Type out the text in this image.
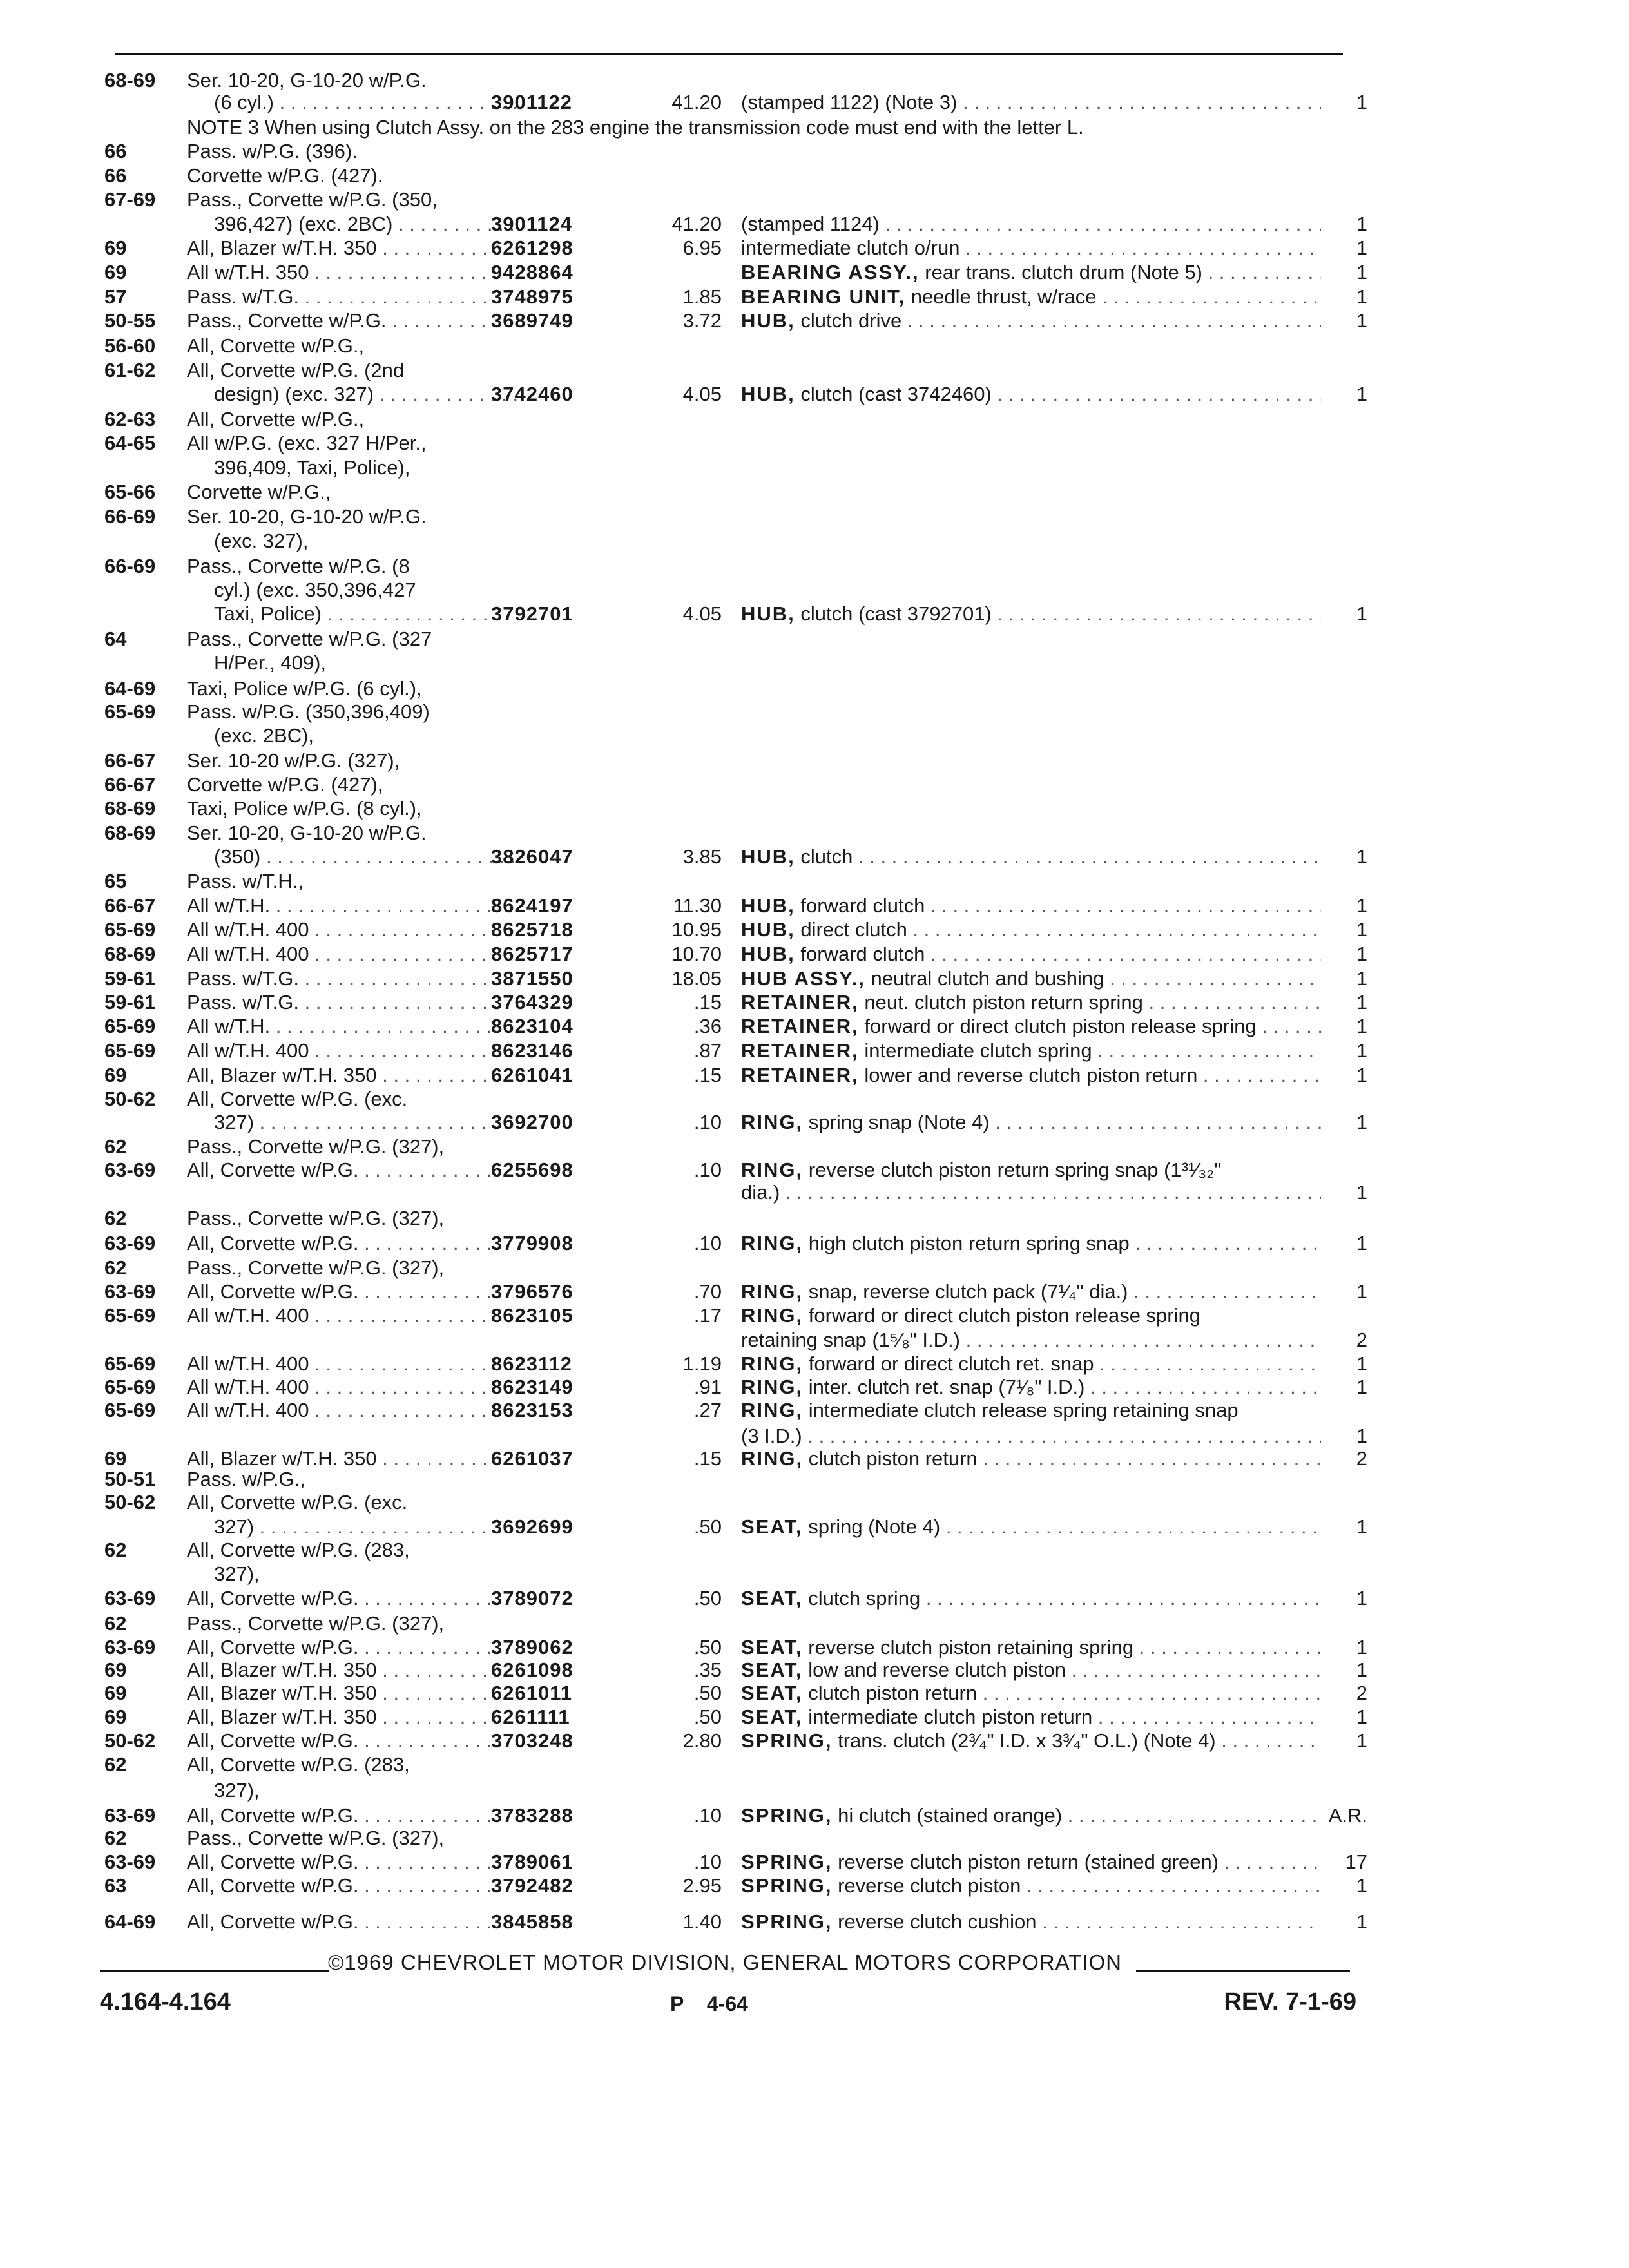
68-69	Ser. 10-20, G-10-20 w/P.G.
(6 cyl.) . . .	3901122	41.20 (stamped 1122) (Note 3) . . .	1
NOTE 3 When using Clutch Assy. on the 283 engine the transmission code must end with the letter L.
66	Pass. w/P.G. (396).
66	Corvette w/P.G. (427).
67-69	Pass., Corvette w/P.G. (350,
396,427) (exc. 2BC) . . .	3901124	41.20 (stamped 1124) . . .	1
69	All, Blazer w/T.H. 350 . . .	6261298	6.95 intermediate clutch o/run . . .	1
69	All w/T.H. 350 . . .	9428864	BEARING ASSY., rear trans. clutch drum (Note 5) . . .	1
57	Pass. w/T.G. . . .	3748975	1.85 BEARING UNIT, needle thrust, w/race . . .	1
50-55	Pass., Corvette w/P.G. . . .	3689749	3.72 HUB, clutch drive . . .	1
56-60	All, Corvette w/P.G.,
61-62	All, Corvette w/P.G. (2nd
design) (exc. 327) . . .	3742460	4.05 HUB, clutch (cast 3742460) . . .	1
62-63	All, Corvette w/P.G.,
64-65	All w/P.G. (exc. 327 H/Per.,
396,409, Taxi, Police),
65-66	Corvette w/P.G.,
66-69	Ser. 10-20, G-10-20 w/P.G.
(exc. 327),
66-69	Pass., Corvette w/P.G. (8
cyl.) (exc. 350,396,427
Taxi, Police) . . .	3792701	4.05 HUB, clutch (cast 3792701) . . .	1
64	Pass., Corvette w/P.G. (327
H/Per., 409),
64-69	Taxi, Police w/P.G. (6 cyl.),
65-69	Pass. w/P.G. (350,396,409)
(exc. 2BC),
66-67	Ser. 10-20 w/P.G. (327),
66-67	Corvette w/P.G. (427),
68-69	Taxi, Police w/P.G. (8 cyl.),
68-69	Ser. 10-20, G-10-20 w/P.G.
(350) . . .	3826047	3.85 HUB, clutch . . .	1
65	Pass. w/T.H.,
66-67	All w/T.H. . . .	8624197	11.30 HUB, forward clutch . . .	1
65-69	All w/T.H. 400 . . .	8625718	10.95 HUB, direct clutch . . .	1
68-69	All w/T.H. 400 . . .	8625717	10.70 HUB, forward clutch . . .	1
59-61	Pass. w/T.G. . . .	3871550	18.05 HUB ASSY., neutral clutch and bushing . . .	1
59-61	Pass. w/T.G. . . .	3764329	.15 RETAINER, neut. clutch piston return spring . . .	1
65-69	All w/T.H. . . .	8623104	.36 RETAINER, forward or direct clutch piston release spring . . .	1
65-69	All w/T.H. 400 . . .	8623146	.87 RETAINER, intermediate clutch spring . . .	1
69	All, Blazer w/T.H. 350 . . .	6261041	.15 RETAINER, lower and reverse clutch piston return . . .	1
50-62	All, Corvette w/P.G. (exc.
327) . . .	3692700	.10 RING, spring snap (Note 4) . . .	1
62	Pass., Corvette w/P.G. (327),
63-69	All, Corvette w/P.G. . . .	6255698	.10 RING, reverse clutch piston return spring snap (1³¹⁄₃₂"
dia.) . . .	1
62	Pass., Corvette w/P.G. (327),
63-69	All, Corvette w/P.G. . . .	3779908	.10 RING, high clutch piston return spring snap . . .	1
62	Pass., Corvette w/P.G. (327),
63-69	All, Corvette w/P.G. . . .	3796576	.70 RING, snap, reverse clutch pack (7¹⁄₄" dia.) . . .	1
65-69	All w/T.H. 400 . . .	8623105	.17 RING, forward or direct clutch piston release spring
retaining snap (1⁵⁄₈" I.D.) . . .	2
65-69	All w/T.H. 400 . . .	8623112	1.19 RING, forward or direct clutch ret. snap . . .	1
65-69	All w/T.H. 400 . . .	8623149	.91 RING, inter. clutch ret. snap (7¹⁄₈" I.D.) . . .	1
65-69	All w/T.H. 400 . . .	8623153	.27 RING, intermediate clutch release spring retaining snap
(3 I.D.) . . .	1
69	All, Blazer w/T.H. 350 . . .	6261037	.15 RING, clutch piston return . . .	2
50-51	Pass. w/P.G.,
50-62	All, Corvette w/P.G. (exc.
327) . . .	3692699	.50 SEAT, spring (Note 4) . . .	1
62	All, Corvette w/P.G. (283,
327),
63-69	All, Corvette w/P.G. . . .	3789072	.50 SEAT, clutch spring . . .	1
62	Pass., Corvette w/P.G. (327),
63-69	All, Corvette w/P.G. . . .	3789062	.50 SEAT, reverse clutch piston retaining spring . . .	1
69	All, Blazer w/T.H. 350 . . .	6261098	.35 SEAT, low and reverse clutch piston . . .	1
69	All, Blazer w/T.H. 350 . . .	6261011	.50 SEAT, clutch piston return . . .	2
69	All, Blazer w/T.H. 350 . . .	6261111	.50 SEAT, intermediate clutch piston return . . .	1
50-62	All, Corvette w/P.G. . . .	3703248	2.80 SPRING, trans. clutch (2³⁄₄" I.D. x 3³⁄₄" O.L.) (Note 4) . . .	1
62	All, Corvette w/P.G. (283,
327),
63-69	All, Corvette w/P.G. . . .	3783288	.10 SPRING, hi clutch (stained orange) . . .	A.R.
62	Pass., Corvette w/P.G. (327),
63-69	All, Corvette w/P.G. . . .	3789061	.10 SPRING, reverse clutch piston return (stained green) . . .	17
63	All, Corvette w/P.G. . . .	3792482	2.95 SPRING, reverse clutch piston . . .	1
64-69	All, Corvette w/P.G. . . .	3845858	1.40 SPRING, reverse clutch cushion . . .	1
©1969 CHEVROLET MOTOR DIVISION, GENERAL MOTORS CORPORATION
4.164-4.164	P 4-64	REV. 7-1-69
